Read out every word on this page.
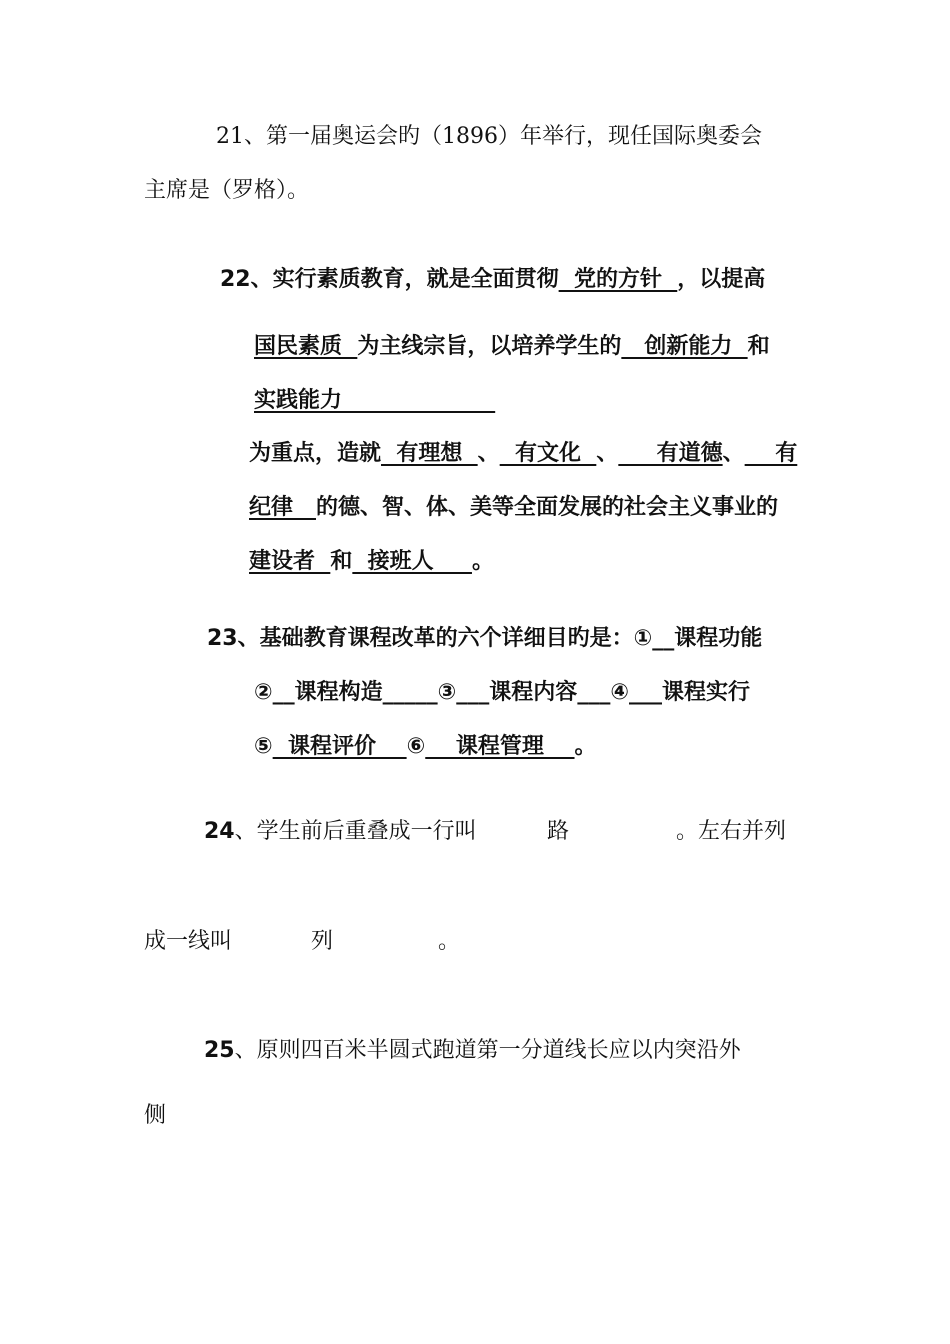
21、第一届奥运会旳（1896）年举行，现任国际奥委会
主席是（罗格）。
22、实行素质教育，就是全面贯彻  党的方针  ，以提高
国民素质  为主线宗旨，以培养学生的   创新能力  和
实践能力
为重点，造就  有理想  、  有文化  、     有道德、    有
纪律   的德、智、体、美等全面发展的社会主义事业的
建设者  和  接班人     。
23、基础教育课程改革的六个详细目旳是：①__课程功能
②__课程构造_____③___课程内容___④___课程实行
⑤  课程评价    ⑥    课程管理    。
24、学生前后重叠成一行叫	路	。左右并列
成一线叫	列	。
25、原则四百米半圆式跑道第一分道线长应以内突沿外
侧
